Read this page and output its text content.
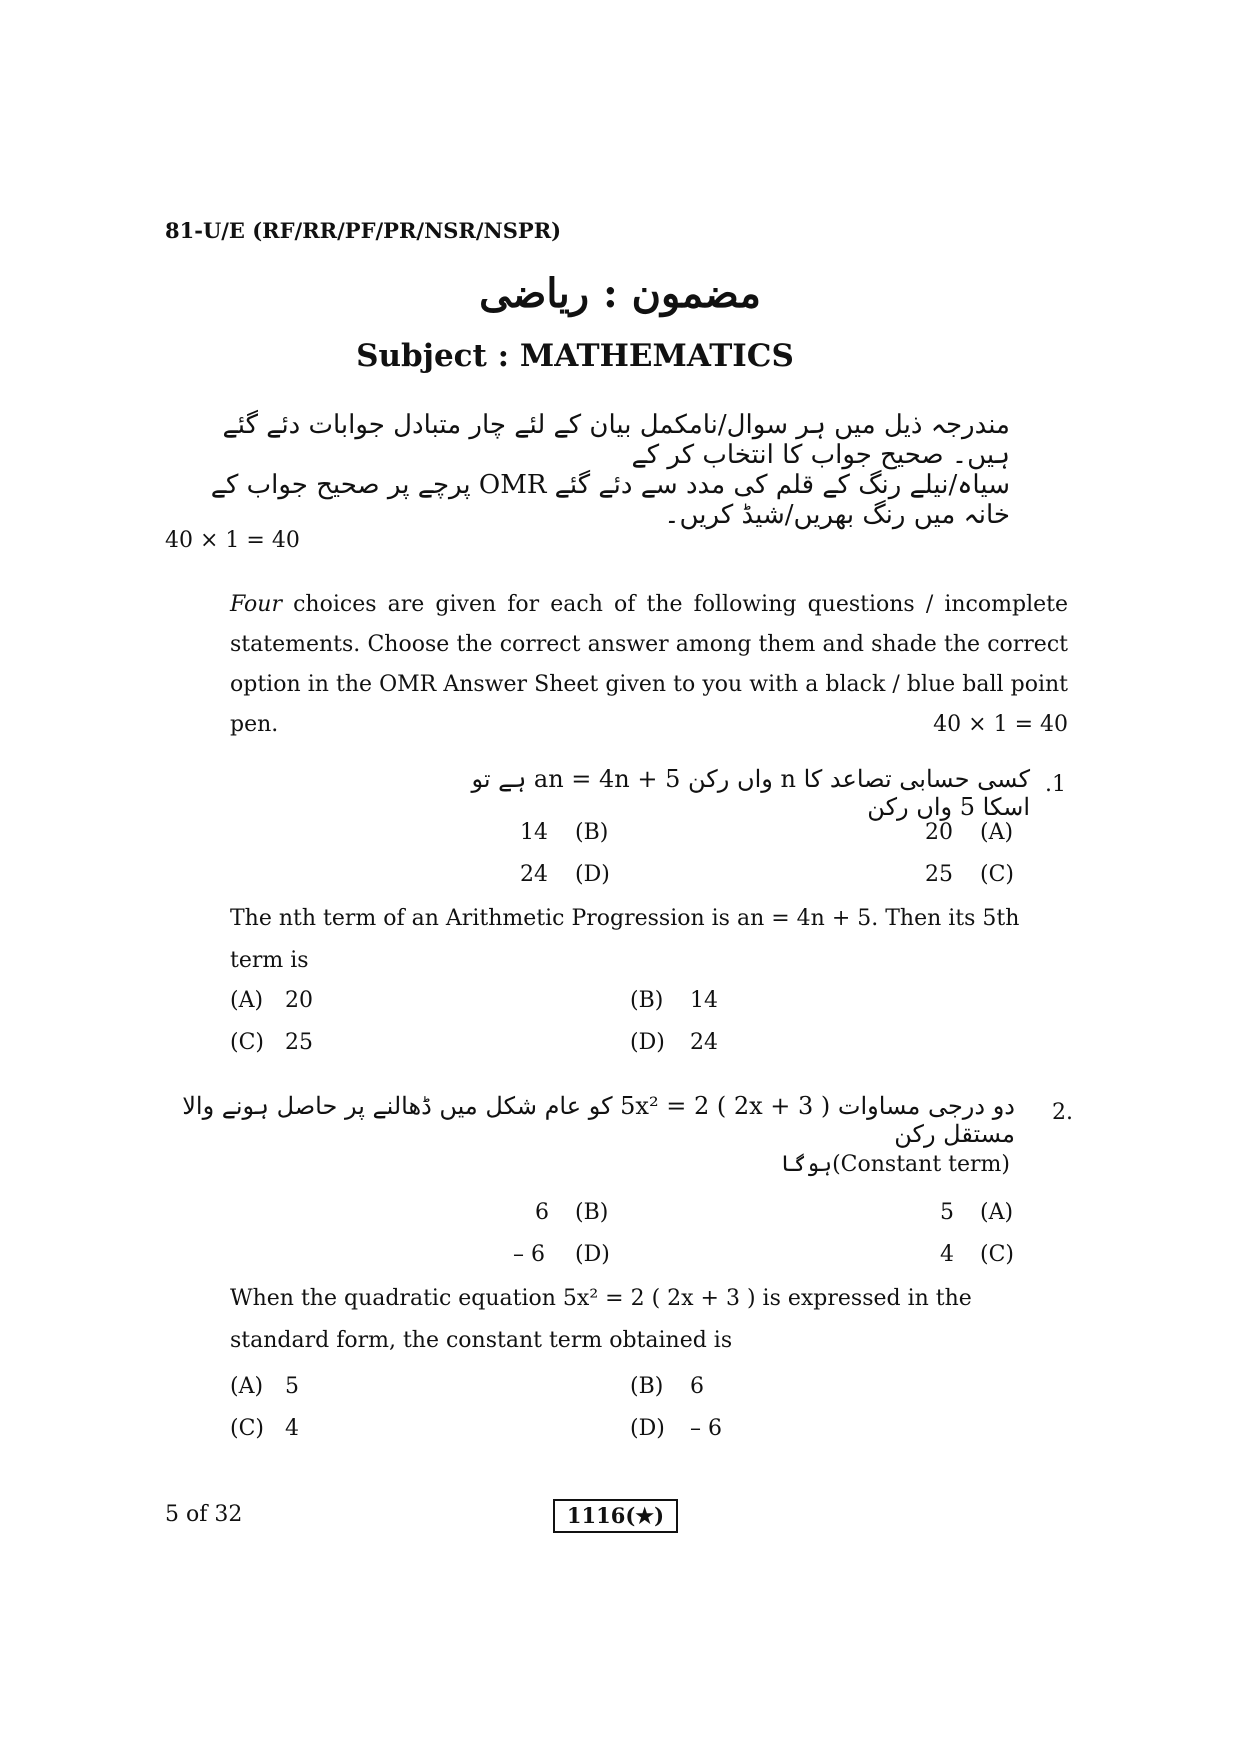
81-U/E (RF/RR/PF/PR/NSR/NSPR)
مضمون : ریاضی
Subject : MATHEMATICS
مندرجہ ذیل میں ہر سوال/نامکمل بیان کے لئے چار متبادل جوابات دئے گئے ہیں۔ صحیح جواب کا انتخاب کر کے
سیاہ/نیلے رنگ کے قلم کی مدد سے دئے گئے OMR پرچے پر صحیح جواب کے خانہ میں رنگ بھریں/شیڈ کریں۔
40 × 1 = 40
Four choices are given for each of the following questions / incomplete statements. Choose the correct answer among them and shade the correct option in the OMR Answer Sheet given to you with a black / blue ball point pen.	40 × 1 = 40
.1
کسی حسابی تصاعد کا n واں رکن an = 4n + 5 ہے تو اسکا 5 واں رکن
14 (B)	20 (A)
24 (D)	25 (C)
The nth term of an Arithmetic Progression is an = 4n + 5. Then its 5th
term is
(A) 20	(B) 14
(C) 25	(D) 24
2.
دو درجی مساوات 5x² = 2 ( 2x + 3 ) کو عام شکل میں ڈھالنے پر حاصل ہونے والا مستقل رکن
(Constant term)ہوگا
6 (B)	5 (A)
– 6 (D)	4 (C)
When the quadratic equation 5x² = 2 ( 2x + 3 ) is expressed in the
standard form, the constant term obtained is
(A) 5	(B) 6
(C) 4	(D) – 6
5 of 32	1116(★)
